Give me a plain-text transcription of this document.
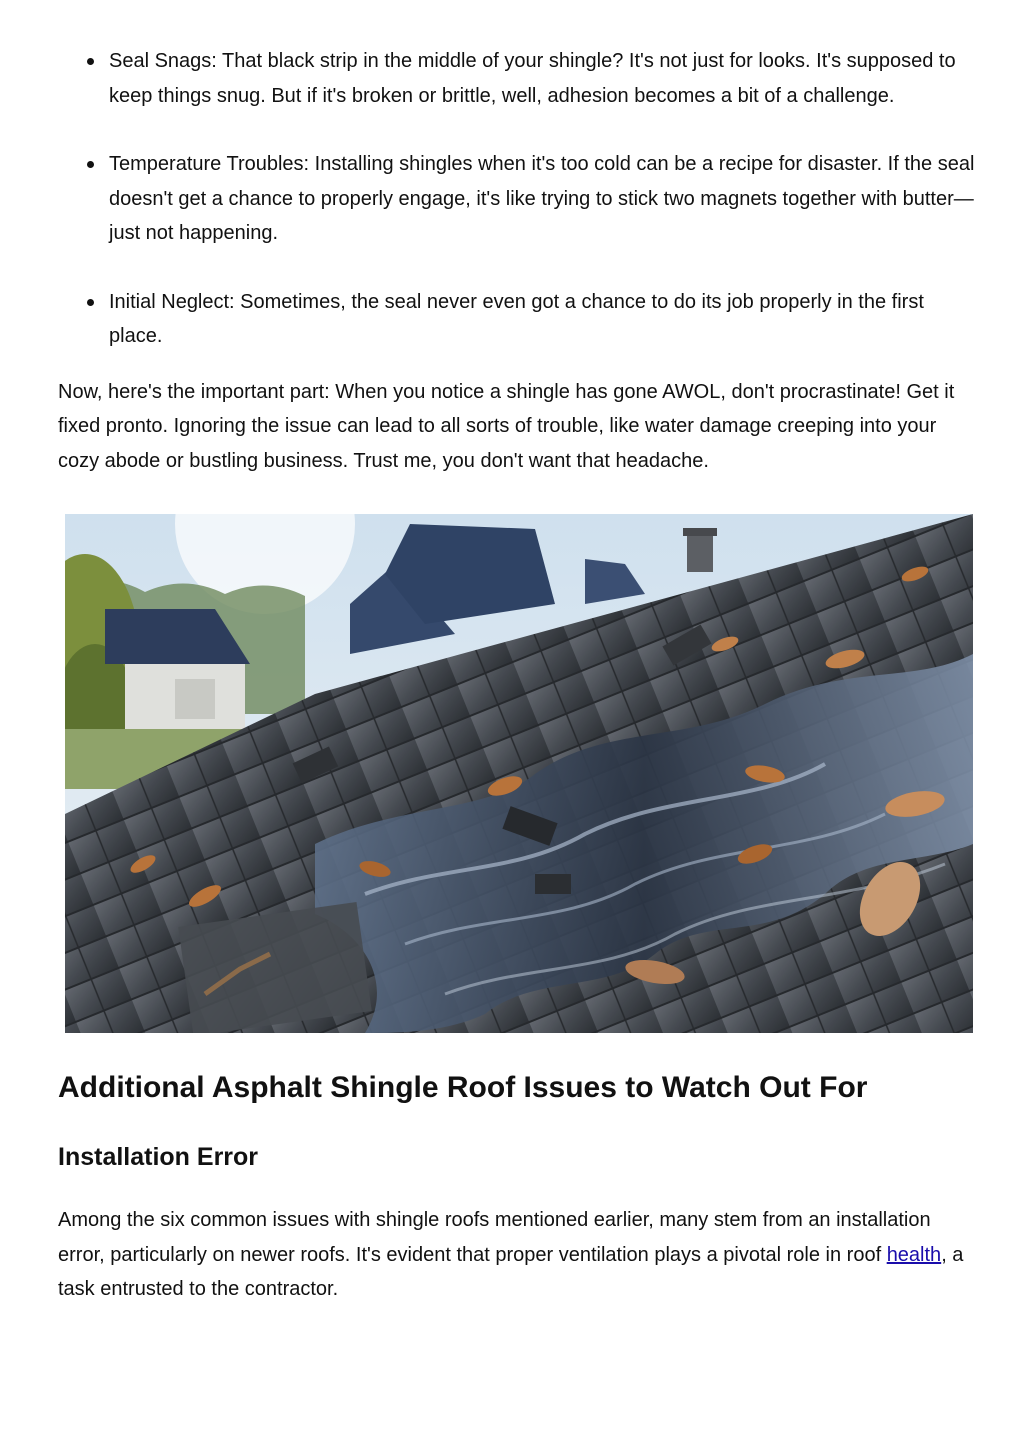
Seal Snags: That black strip in the middle of your shingle? It's not just for looks. It's supposed to keep things snug. But if it's broken or brittle, well, adhesion becomes a bit of a challenge.
Temperature Troubles: Installing shingles when it's too cold can be a recipe for disaster. If the seal doesn't get a chance to properly engage, it's like trying to stick two magnets together with butter—just not happening.
Initial Neglect: Sometimes, the seal never even got a chance to do its job properly in the first place.

Now, here's the important part: When you notice a shingle has gone AWOL, don't procrastinate! Get it fixed pronto. Ignoring the issue can lead to all sorts of trouble, like water damage creeping into your cozy abode or bustling business. Trust me, you don't want that headache.

Additional Asphalt Shingle Roof Issues to Watch Out For
Installation Error

Among the six common issues with shingle roofs mentioned earlier, many stem from an installation error, particularly on newer roofs. It's evident that proper ventilation plays a pivotal role in roof health, a task entrusted to the contractor.
